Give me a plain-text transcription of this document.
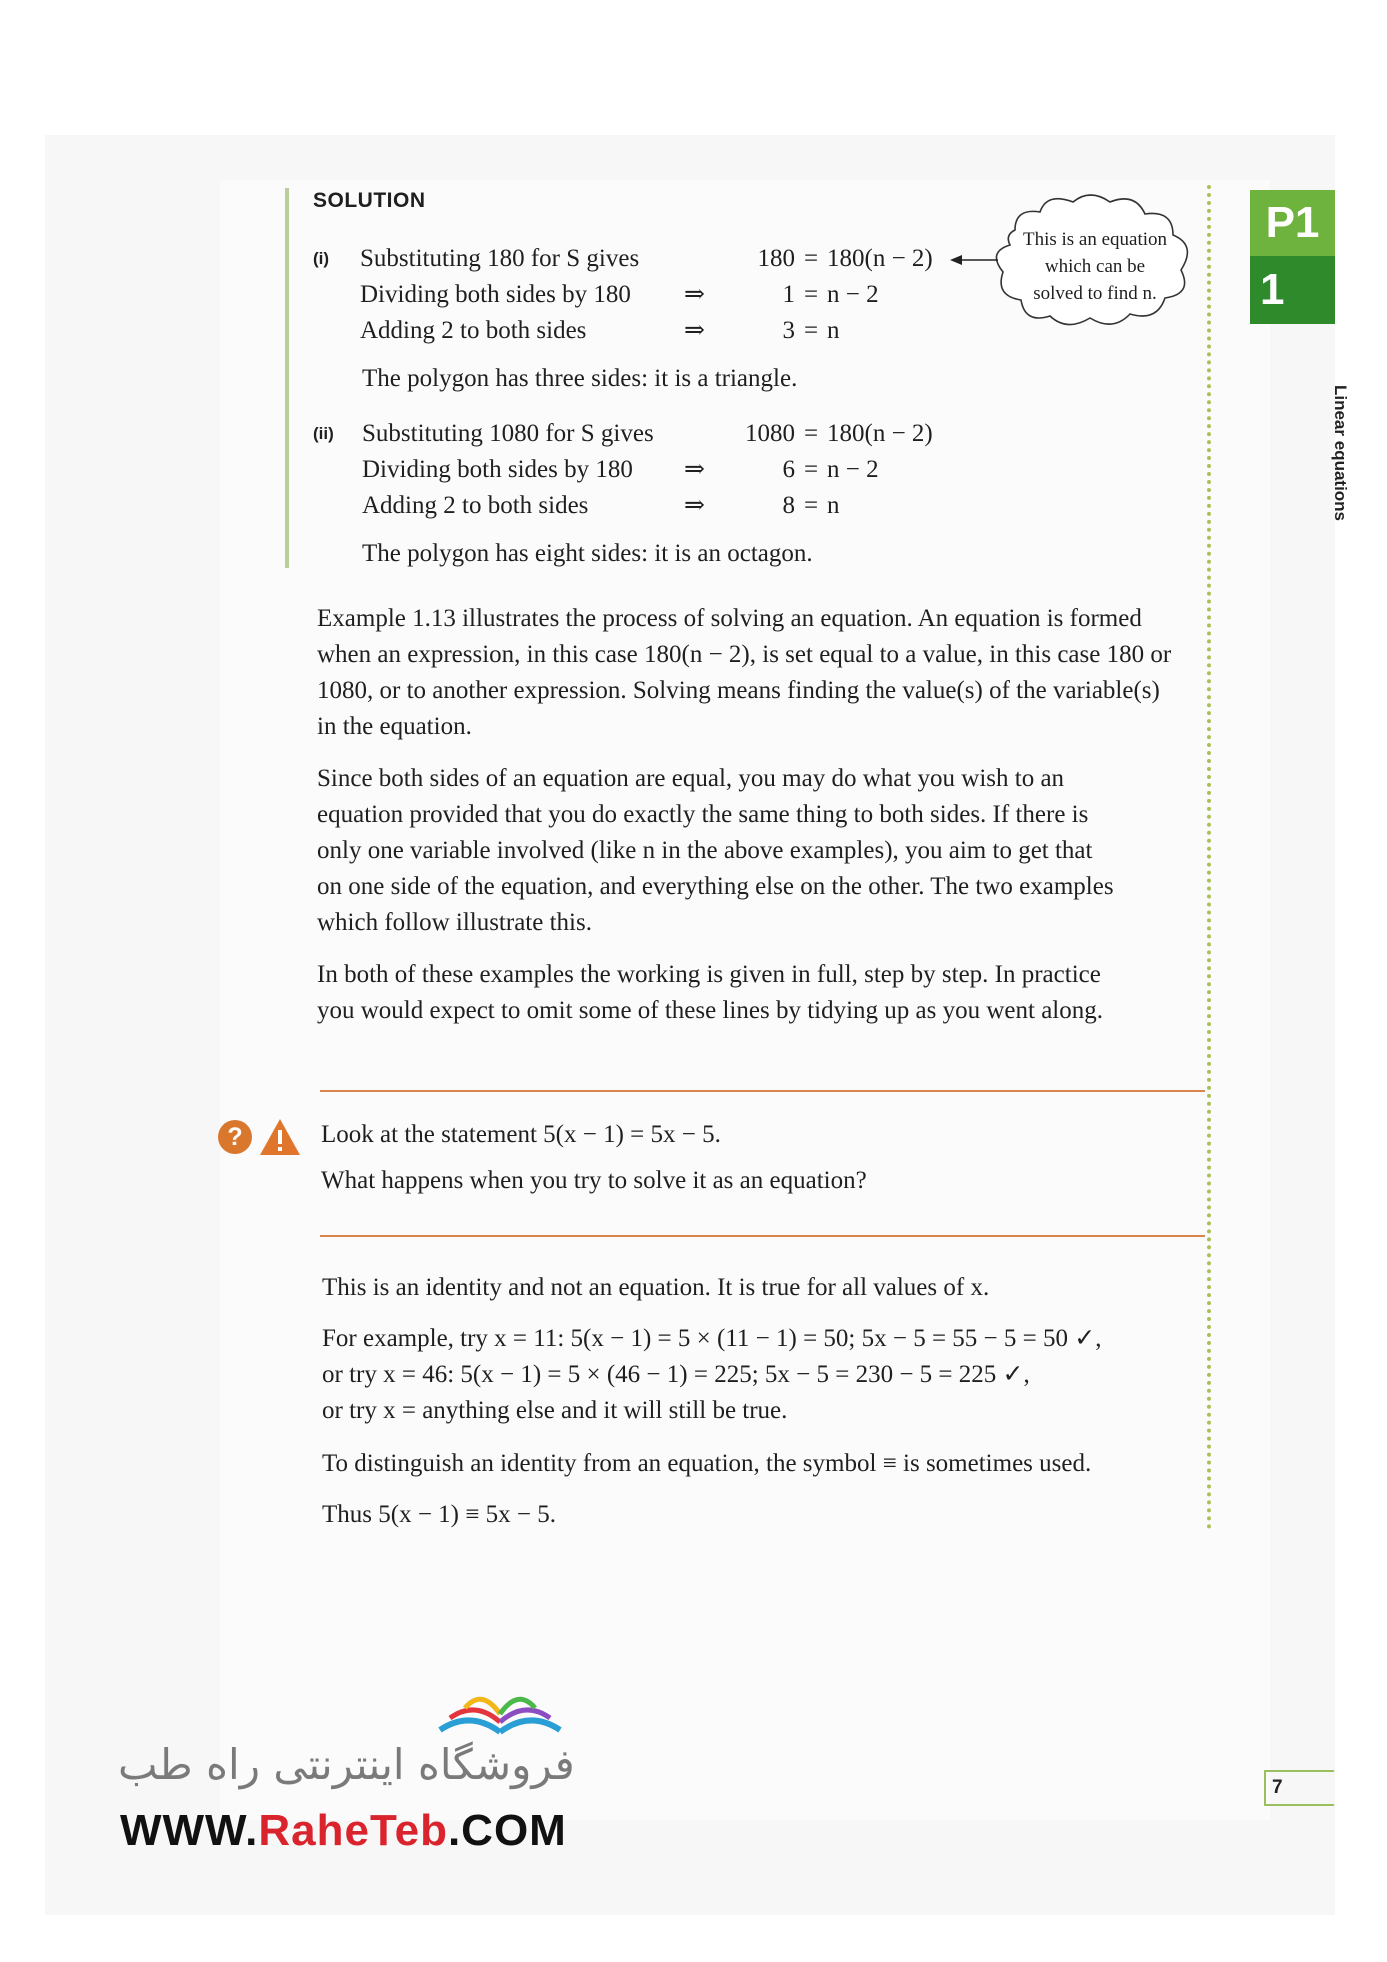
SOLUTION
(i) Substituting 180 for S gives
Dividing both sides by 180
Adding 2 to both sides
⇒
⇒
180 = 180(n − 2)
1 = n − 2
3 = n
The polygon has three sides: it is a triangle.
(ii) Substituting 1080 for S gives
Dividing both sides by 180
Adding 2 to both sides
⇒
⇒
1080 = 180(n − 2)
6 = n − 2
8 = n
The polygon has eight sides: it is an octagon.
This is an equation
which can be
solved to find n.
P1
1
Linear equations
Example 1.13 illustrates the process of solving an equation. An equation is formed
when an expression, in this case 180(n − 2), is set equal to a value, in this case 180 or
1080, or to another expression. Solving means finding the value(s) of the variable(s)
in the equation.
Since both sides of an equation are equal, you may do what you wish to an
equation provided that you do exactly the same thing to both sides. If there is
only one variable involved (like n in the above examples), you aim to get that
on one side of the equation, and everything else on the other. The two examples
which follow illustrate this.
In both of these examples the working is given in full, step by step. In practice
you would expect to omit some of these lines by tidying up as you went along.
?	Look at the statement 5(x − 1) = 5x − 5.
What happens when you try to solve it as an equation?
This is an identity and not an equation. It is true for all values of x.
For example, try x = 11: 5(x − 1) = 5 × (11 − 1) = 50; 5x − 5 = 55 − 5 = 50 ✓,
or try x = 46: 5(x − 1) = 5 × (46 − 1) = 225; 5x − 5 = 230 − 5 = 225 ✓,
or try x = anything else and it will still be true.
To distinguish an identity from an equation, the symbol ≡ is sometimes used.
Thus 5(x − 1) ≡ 5x − 5.
7
فروشگاه اینترنتی راه طب
WWW.RaheTeb.COM
